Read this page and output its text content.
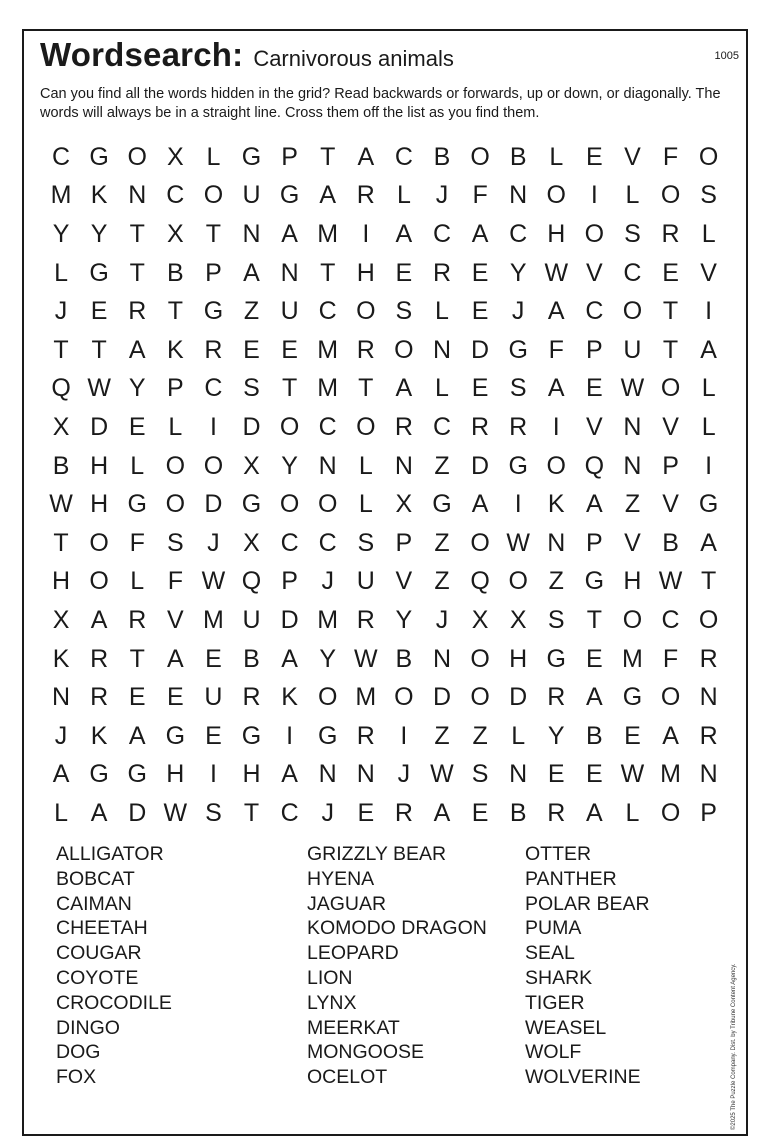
Wordsearch: Carnivorous animals	1005
Can you find all the words hidden in the grid? Read backwards or forwards, up or down, or diagonally. The words will always be in a straight line. Cross them off the list as you find them.
C G O X L G P T A C B O B L E V F O
M K N C O U G A R L J F N O I	L O S
Y Y T X T N A M I	A C A C H O S R L
L G T B P A N T H E R E Y W V C E V
J E R T G Z U C O S L E J A C O T	I
T T A K R E E M R O N D G F P U T A
Q W Y P C S T M T A L E S A E W O L
X D E L	I	D O C O R C R R	I	V N V L
B H L O O X Y N L N Z D G O Q N P	I
W H G O D G O O L X G A	I	K A Z V G
T O F S J X C C S P Z O W N P V B A
H O L F W Q P J U V Z Q O Z G H W T
X A R V M U D M R Y J X X S T O C O
K R T A E B A Y W B N O H G E M F R
N R E E U R K O M O D O D R A G O N
J K A G E G I G R	I	Z Z L Y B E A R
A G G H	I	H A N N J W S N E E W M N
L A D W S T C J E R A E B R A L O P
ALLIGATOR
BOBCAT
CAIMAN
CHEETAH
COUGAR
COYOTE
CROCODILE
DINGO
DOG
FOX
GRIZZLY BEAR
HYENA
JAGUAR
KOMODO DRAGON
LEOPARD
LION
LYNX
MEERKAT
MONGOOSE
OCELOT
OTTER
PANTHER
POLAR BEAR
PUMA
SEAL
SHARK
TIGER
WEASEL
WOLF
WOLVERINE	©2025 The Puzzle Company. Dist. by Tribune Content Agency.
